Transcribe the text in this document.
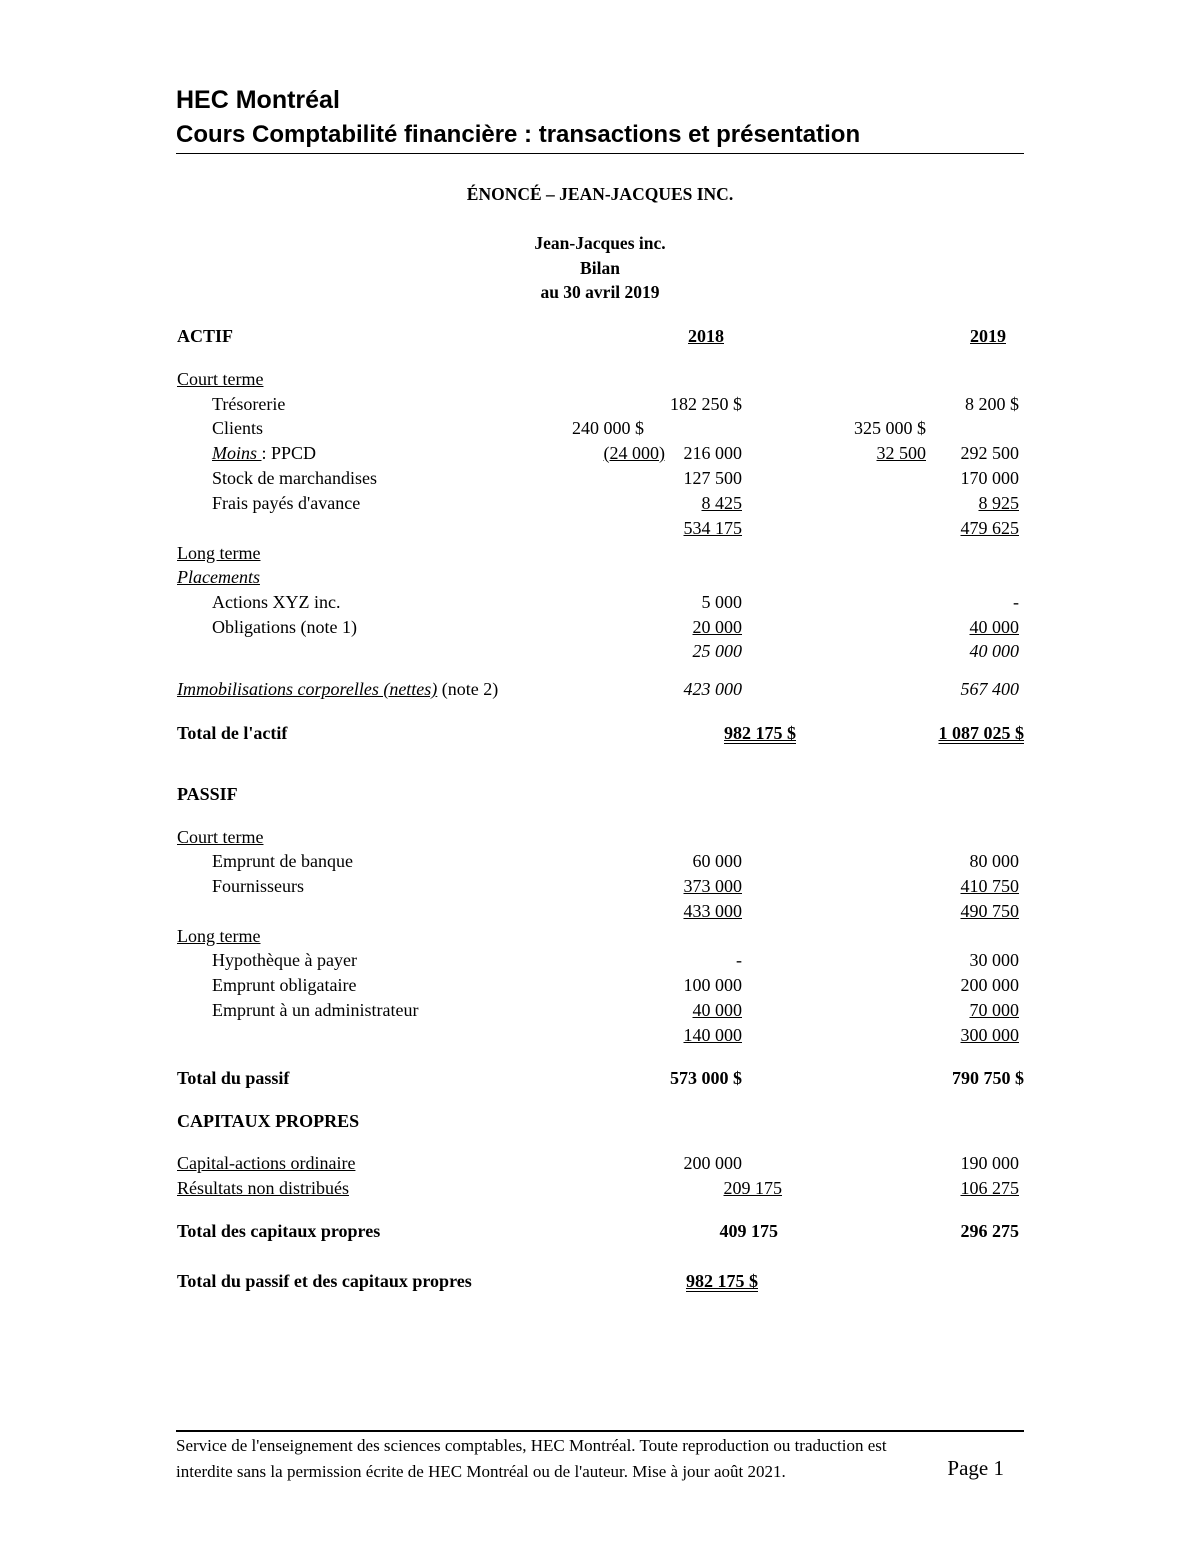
HEC Montréal
Cours Comptabilité financière : transactions et présentation
ÉNONCÉ – JEAN-JACQUES INC.
Jean-Jacques inc.
Bilan
au 30 avril 2019
ACTIF	2018	2019
Court terme
Trésorerie	182 250 $	8 200 $
Clients	240 000 $	325 000 $
Moins : PPCD	(24 000) 216 000	32 500 292 500
Stock de marchandises	127 500	170 000
Frais payés d'avance	8 425	8 925
534 175	479 625
Long terme
Placements
Actions XYZ inc.	5 000	-
Obligations (note 1)	20 000	40 000
25 000	40 000
Immobilisations corporelles (nettes) (note 2)	423 000	567 400
Total de l'actif	982 175 $	1 087 025 $
PASSIF
Court terme
Emprunt de banque	60 000	80 000
Fournisseurs	373 000	410 750
433 000	490 750
Long terme
Hypothèque à payer	-	30 000
Emprunt obligataire	100 000	200 000
Emprunt à un administrateur	40 000	70 000
140 000	300 000
Total du passif	573 000 $	790 750 $
CAPITAUX PROPRES
Capital-actions ordinaire	200 000	190 000
Résultats non distribués	209 175	106 275
Total des capitaux propres	409 175	296 275
Total du passif et des capitaux propres	982 175 $
Service de l'enseignement des sciences comptables, HEC Montréal. Toute reproduction ou traduction est
interdite sans la permission écrite de HEC Montréal ou de l'auteur. Mise à jour août 2021.	Page 1
